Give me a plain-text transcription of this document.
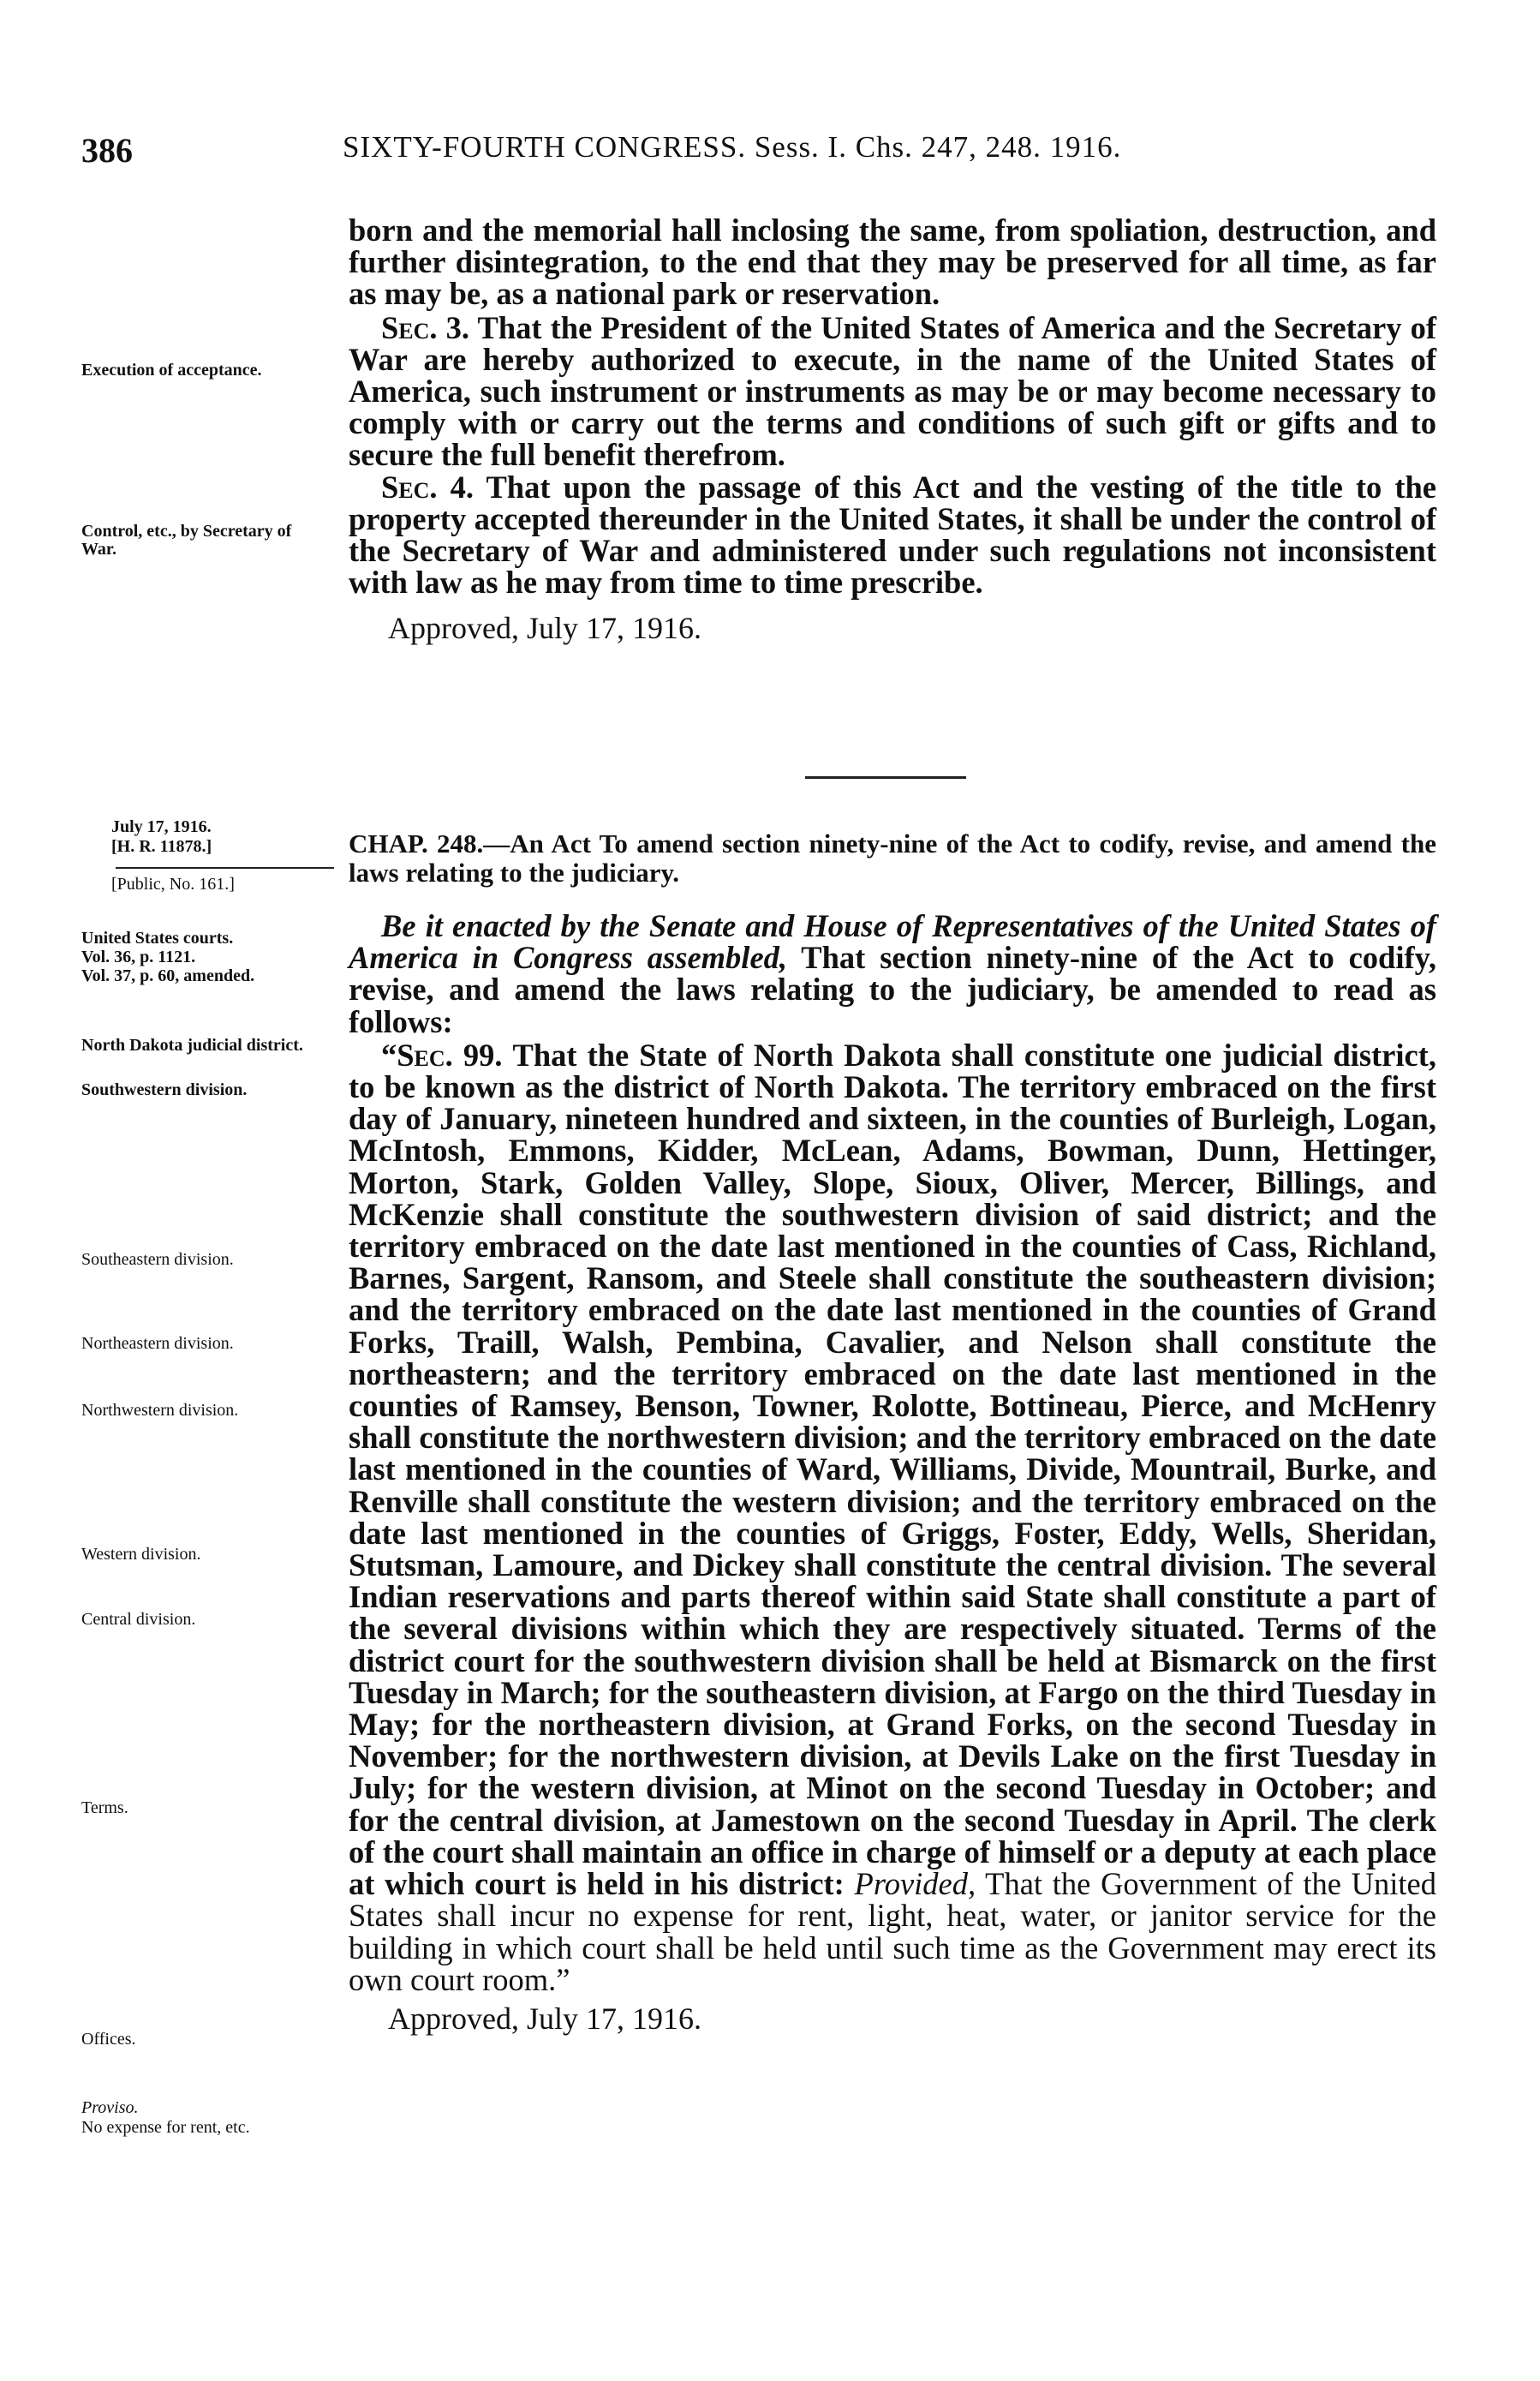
386	SIXTY-FOURTH CONGRESS. Sess. I. Chs. 247, 248. 1916.

born and the memorial hall inclosing the same, from spoliation, destruction, and further disintegration, to the end that they may be preserved for all time, as far as may be, as a national park or reservation.

Sec. 3. That the President of the United States of America and the Secretary of War are hereby authorized to execute, in the name of the United States of America, such instrument or instruments as may be or may become necessary to comply with or carry out the terms and conditions of such gift or gifts and to secure the full benefit therefrom.

Sec. 4. That upon the passage of this Act and the vesting of the title to the property accepted thereunder in the United States, it shall be under the control of the Secretary of War and administered under such regulations not inconsistent with law as he may from time to time prescribe.

Approved, July 17, 1916.

CHAP. 248.—An Act To amend section ninety-nine of the Act to codify, revise, and amend the laws relating to the judiciary.

Be it enacted by the Senate and House of Representatives of the United States of America in Congress assembled, That section ninety-nine of the Act to codify, revise, and amend the laws relating to the judiciary, be amended to read as follows:

“Sec. 99. That the State of North Dakota shall constitute one judicial district, to be known as the district of North Dakota. The territory embraced on the first day of January, nineteen hundred and sixteen, in the counties of Burleigh, Logan, McIntosh, Emmons, Kidder, McLean, Adams, Bowman, Dunn, Hettinger, Morton, Stark, Golden Valley, Slope, Sioux, Oliver, Mercer, Billings, and McKenzie shall constitute the southwestern division of said district; and the territory embraced on the date last mentioned in the counties of Cass, Richland, Barnes, Sargent, Ransom, and Steele shall constitute the southeastern division; and the territory embraced on the date last mentioned in the counties of Grand Forks, Traill, Walsh, Pembina, Cavalier, and Nelson shall constitute the northeastern; and the territory embraced on the date last mentioned in the counties of Ramsey, Benson, Towner, Rolotte, Bottineau, Pierce, and McHenry shall constitute the northwestern division; and the territory embraced on the date last mentioned in the counties of Ward, Williams, Divide, Mountrail, Burke, and Renville shall constitute the western division; and the territory embraced on the date last mentioned in the counties of Griggs, Foster, Eddy, Wells, Sheridan, Stutsman, Lamoure, and Dickey shall constitute the central division. The several Indian reservations and parts thereof within said State shall constitute a part of the several divisions within which they are respectively situated. Terms of the district court for the southwestern division shall be held at Bismarck on the first Tuesday in March; for the southeastern division, at Fargo on the third Tuesday in May; for the northeastern division, at Grand Forks, on the second Tuesday in November; for the northwestern division, at Devils Lake on the first Tuesday in July; for the western division, at Minot on the second Tuesday in October; and for the central division, at Jamestown on the second Tuesday in April. The clerk of the court shall maintain an office in charge of himself or a deputy at each place at which court is held in his district: Provided, That the Government of the United States shall incur no expense for rent, light, heat, water, or janitor service for the building in which court shall be held until such time as the Government may erect its own court room.”

Approved, July 17, 1916.

Execution of acceptance.
Control, etc., by Secretary of War.
July 17, 1916.
[H. R. 11878.]
[Public, No. 161.]
United States courts.
Vol. 36, p. 1121.
Vol. 37, p. 60, amended.
North Dakota judicial district.
Southwestern division.
Southeastern division.
Northeastern division.
Northwestern division.
Western division.
Central division.
Terms.
Offices.
Proviso.
No expense for rent, etc.
